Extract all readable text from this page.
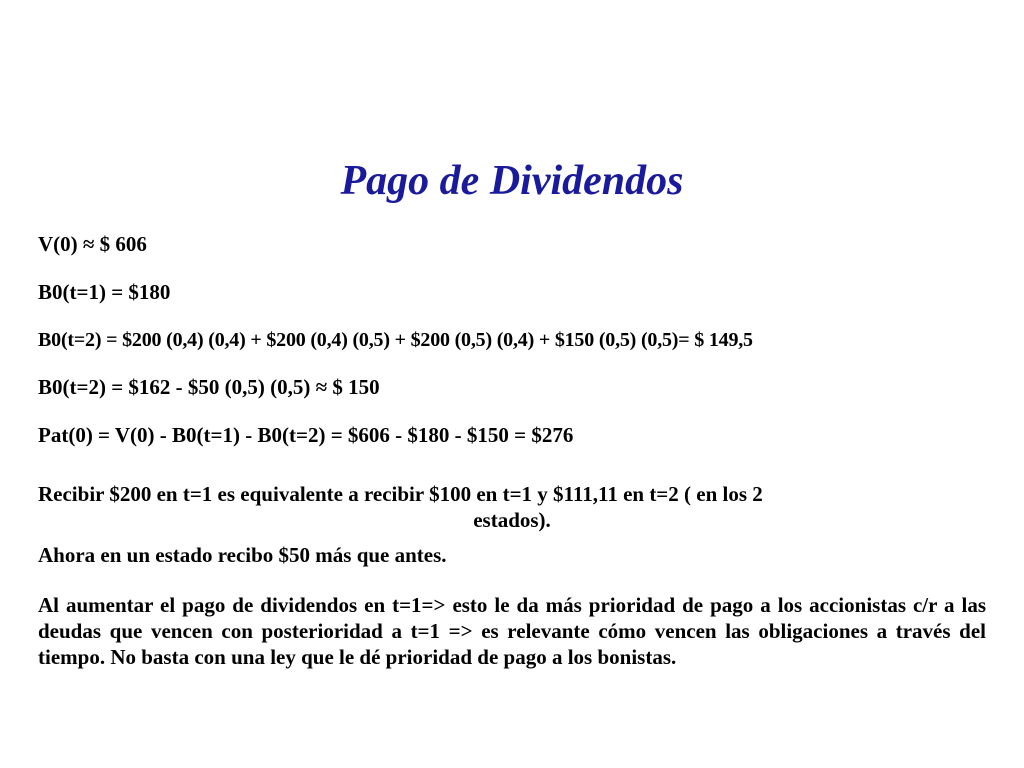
Pago de Dividendos

V(0) ≈ $ 606

B0(t=1) = $180

B0(t=2) = $200 (0,4) (0,4) + $200 (0,4) (0,5) + $200 (0,5) (0,4) + $150 (0,5) (0,5)= $ 149,5

B0(t=2) = $162 - $50 (0,5) (0,5) ≈ $ 150

Pat(0) = V(0) - B0(t=1) - B0(t=2) = $606 - $180 - $150 = $276

Recibir $200 en t=1 es equivalente a recibir $100 en t=1 y $111,11 en t=2 ( en los 2

estados).

Ahora en un estado recibo $50 más que antes.

Al aumentar el pago de dividendos en t=1=> esto le da más prioridad de pago a los accionistas c/r a las deudas que vencen con posterioridad a t=1 => es relevante cómo vencen las obligaciones a través del tiempo. No basta con una ley que le dé prioridad de pago a los bonistas.
